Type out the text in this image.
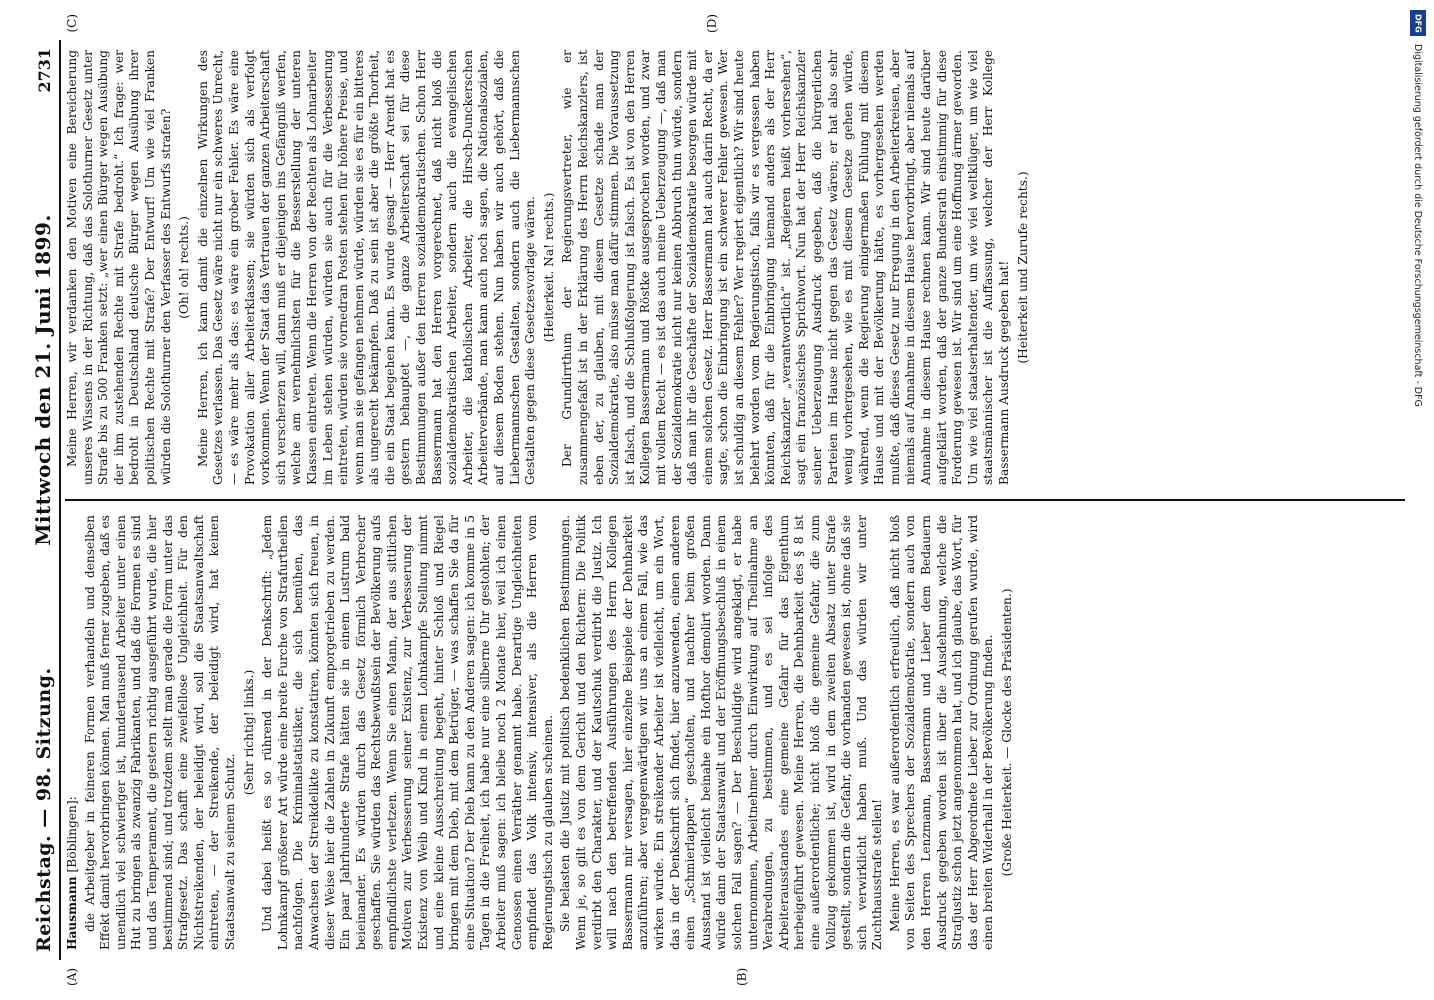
Reichstag. — 98. Sitzung.
Mittwoch den 21. Juni 1899.
2731
(A)	(B)

Hausmann [Böblingen]: die Arbeitgeber in feineren Formen verhandeln und denselben Effekt damit hervorbringen können. Man muß ferner zugeben, daß es unendlich viel schwieriger ist, hundertausend Arbeiter unter einen Hut zu bringen als zwanzig Fabrikanten, und daß die Formen es sind und das Temperament, die gestern richtig ausgeführt wurde, die hier bestimmend sind; und trotzdem stellt man gerade die Form unter das Strafgesetz. Das schafft eine zweifellose Ungleichheit. Für den Nichtstreikenden, der beleidigt wird, soll die Staatsanwaltschaft eintreten, — der Streikende, der beleidigt wird, hat keinen Staatsanwalt zu seinem Schutz.

(Sehr richtig! links.) Und dabei heißt es so rührend in der Denkschrift: „Jedem Lohnkampf größerer Art würde eine breite Furche von Strafurtheilen nachfolgen. Die Kriminalstatistiker, die sich bemühen, das Anwachsen der Streikdelikte zu konstatiren, könnten sich freuen, in dieser Weise hier die Zahlen in Zukunft emporgetrieben zu werden. Ein paar Jahrhunderte Strafe hätten sie in einem Lustrum bald beieinander. Es würden durch das Gesetz förmlich Verbrecher geschaffen. Sie würden das Rechtsbewußtsein der Bevölkerung aufs empfindlichste verletzen. Wenn Sie einen Mann, der aus sittlichen Motiven zur Verbesserung seiner Existenz, zur Verbesserung der Existenz von Weib und Kind in einem Lohnkampfe Stellung nimmt und eine kleine Ausschreitung begeht, hinter Schloß und Riegel bringen mit dem Dieb, mit dem Betrüger, — was schaffen Sie da für eine Situation? Der Dieb kann zu den Anderen sagen: ich komme in 5 Tagen in die Freiheit, ich habe nur eine silberne Uhr gestohlen; der Arbeiter muß sagen: ich bleibe noch 2 Monate hier, weil ich einen Genossen einen Verräther genannt habe. Derartige Ungleichheiten empfindet das Volk intensiv, intensiver, als die Herren vom Regierungstisch zu glauben scheinen. Sie belasten die Justiz mit politisch bedenklichen Bestimmungen. Wenn je, so gilt es von dem Gericht und den Richtern: Die Politik verdirbt den Charakter, und der Kautschuk verdirbt die Justiz. Ich will nach den betreffenden Ausführungen des Herrn Kollegen Bassermann mir versagen, hier einzelne Beispiele der Dehnbarkeit anzuführen; aber vergegenwärtigen wir uns an einem Fall, wie das wirken würde. Ein streikender Arbeiter ist vielleicht, um ein Wort, das in der Denkschrift sich findet, hier anzuwenden, einen anderen einen „Schmierlappen“ gescholten, und nachher beim großen Ausstand ist vielleicht beinahe ein Hofthor demolirt worden. Dann würde dann der Staatsanwalt und der Eröffnungsbeschluß in einem solchen Fall sagen? — Der Beschuldigte wird angeklagt, er habe unternommen, Arbeitnehmer durch Einwirkung auf Theilnahme an Verabredungen, zu bestimmen, und es sei infolge des Arbeiterausstandes eine gemeine Gefahr für das Eigenthum herbeigeführt gewesen. Meine Herren, die Dehnbarkeit des § 8 ist eine außerordentliche; nicht bloß die gemeine Gefahr, die zum Vollzug gekommen ist, wird in dem zweiten Absatz unter Strafe gestellt, sondern die Gefahr, die vorhanden gewesen ist, ohne daß sie sich verwirklicht haben muß. Und das würden wir unter Zuchthausstrafe stellen! Meine Herren, es war außerordentlich erfreulich, daß nicht bloß von Seiten des Sprechers der Sozialdemokratie, sondern auch von den Herren Lenzmann, Bassermann und Lieber dem Bedauern Ausdruck gegeben worden ist über die Ausdehnung, welche die Strafjustiz schon jetzt angenommen hat, und ich glaube, das Wort, für das der Herr Abgeordnete Lieber zur Ordnung gerufen wurde, wird einen breiten Widerhall in der Bevölkerung finden. (Große Heiterkeit. — Glocke des Präsidenten.)

(C)	(D)

Meine Herren, wir verdanken den Motiven eine Bereicherung unseres Wissens in der Richtung, daß das Solothurner Gesetz unter Strafe bis zu 500 Franken setzt: „wer einen Bürger wegen Ausübung der ihm zustehenden Rechte mit Strafe bedroht.“ Ich frage: wer bedroht in Deutschland deutsche Bürger wegen Ausübung ihrer politischen Rechte mit Strafe? Der Entwurf! Um wie viel Franken würden die Solothurner den Verfasser des Entwurfs strafen? (Oh! oh! rechts.) Meine Herren, ich kann damit die einzelnen Wirkungen des Gesetzes verlassen. Das Gesetz wäre nicht nur ein schweres Unrecht, — es wäre mehr als das: es wäre ein grober Fehler. Es wäre eine Provokation aller Arbeiterklassen; sie würden sich als verfolgt vorkommen. Wenn der Staat das Vertrauen der ganzen Arbeiterschaft sich verscherzen will, dann muß er diejenigen ins Gefängniß werfen, welche am vernehmlichsten für die Besserstellung der unteren Klassen eintreten. Wenn die Herren von der Rechten als Lohnarbeiter im Leben stehen würden, würden sie auch für die Verbesserung eintreten, würden sie vornedran Posten stehen für höhere Preise, und wenn man sie gefangen nehmen würde, würden sie es für ein bitteres als ungerecht bekämpfen. Daß zu sein ist aber die größte Thorheit, die ein Staat begehen kann. Es wurde gesagt — Herr Arendt hat es gestern behauptet —, die ganze Arbeiterschaft sei für diese Bestimmungen außer den Herren sozialdemokratischen. Schon Herr Bassermann hat den Herren vorgerechnet, daß nicht bloß die sozialdemokratischen Arbeiter, sondern auch die evangelischen Arbeiter, die katholischen Arbeiter, die Hirsch-Dunckerschen Arbeiterverbände, man kann auch noch sagen, die Nationalsozialen, auf diesem Boden stehen. Nun haben wir auch gehört, daß die Liebermannschen Gestalten, sondern auch die Liebermannschen Gestalten gegen diese Gesetzesvorlage wären. (Heiterkeit. Na! rechts.) Der Grundirrthum der Regierungsvertreter, wie er zusammengefaßt ist in der Erklärung des Herrn Reichskanzlers, ist eben der, zu glauben, mit diesem Gesetze schade man der Sozialdemokratie, also müsse man dafür stimmen. Die Voraussetzung ist falsch, und die Schlußfolgerung ist falsch. Es ist von den Herren Kollegen Bassermann und Röstke ausgesprochen worden, und zwar mit vollem Recht — es ist das auch meine Ueberzeugung —, daß man der Sozialdemokratie nicht nur keinen Abbruch thun würde, sondern daß man ihr die Geschäfte der Sozialdemokratie besorgen würde mit einem solchen Gesetz. Herr Bassermann hat auch darin Recht, da er sagte, schon die Einbringung ist ein schwerer Fehler gewesen. Wer ist schuldig an diesem Fehler? Wer regiert eigentlich? Wir sind heute belehrt worden vom Regierungstisch, falls wir es vergessen haben könnten, daß für die Einbringung niemand anders als der Herr Reichskanzler „verantwortlich“ ist. „Regieren heißt vorhersehen“, sagt ein französisches Sprichwort. Nun hat der Herr Reichskanzler seiner Ueberzeugung Ausdruck gegeben, daß die bürgerlichen Parteien im Hause nicht gegen das Gesetz wären; er hat also sehr wenig vorhergesehen, wie es mit diesem Gesetze gehen würde, während, wenn die Regierung einigermaßen Fühlung mit diesem Hause und mit der Bevölkerung hätte, es vorhergesehen werden mußte, daß dieses Gesetz nur Erregung in den Arbeiterkreisen, aber niemals auf Annahme in diesem Hause hervorbringt, aber niemals auf Annahme in diesem Hause rechnen kann. Wir sind heute darüber aufgeklärt worden, daß der ganze Bundesrath einstimmig für diese Forderung gewesen ist. Wir sind um eine Hoffnung ärmer geworden. Um wie viel staatserhaltender, um wie viel weltklüger, um wie viel staatsmännischer ist die Auffassung, welcher der Herr Kollege Bassermann Ausdruck gegeben hat! (Heiterkeit und Zurufe rechts.)

DFG
Digitalisierung gefördert durch die Deutsche Forschungsgemeinschaft - DFG
